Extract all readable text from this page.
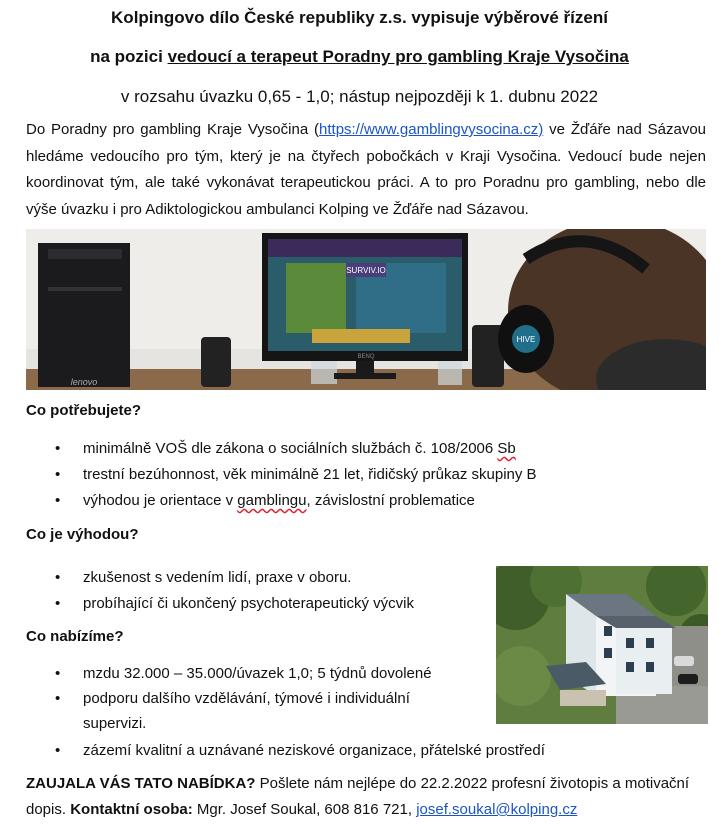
Kolpingovo dílo České republiky z.s. vypisuje výběrové řízení
na pozici vedoucí a terapeut Poradny pro gambling Kraje Vysočina
v rozsahu úvazku 0,65 - 1,0; nástup nejpozději k 1. dubnu 2022
Do Poradny pro gambling Kraje Vysočina (https://www.gamblingvysocina.cz) ve Žďáře nad Sázavou hledáme vedoucího pro tým, který je na čtyřech pobočkách v Kraji Vysočina. Vedoucí bude nejen koordinovat tým, ale také vykonávat terapeutickou práci. A to pro Poradnu pro gambling, nebo dle výše úvazku i pro Adiktologickou ambulanci Kolping ve Žďáře nad Sázavou.
lenovo
SURVIV.IO
BENQ
HIVE
Co potřebujete?
• minimálně VOŠ dle zákona o sociálních službách č. 108/2006 Sb
• trestní bezúhonnost, věk minimálně 21 let, řidičský průkaz skupiny B
• výhodou je orientace v gamblingu, závislostní problematice
Co je výhodou?
• zkušenost s vedením lidí, praxe v oboru.
• probíhající či ukončený psychoterapeutický výcvik
Co nabízíme?
• mzdu 32.000 – 35.000/úvazek 1,0; 5 týdnů dovolené
• podporu dalšího vzdělávání, týmové i individuální
supervizi.
• zázemí kvalitní a uznávané neziskové organizace, přátelské prostředí
ZAUJALA VÁS TATO NABÍDKA? Pošlete nám nejlépe do 22.2.2022 profesní životopis a motivační dopis. Kontaktní osoba: Mgr. Josef Soukal, 608 816 721, josef.soukal@kolping.cz
